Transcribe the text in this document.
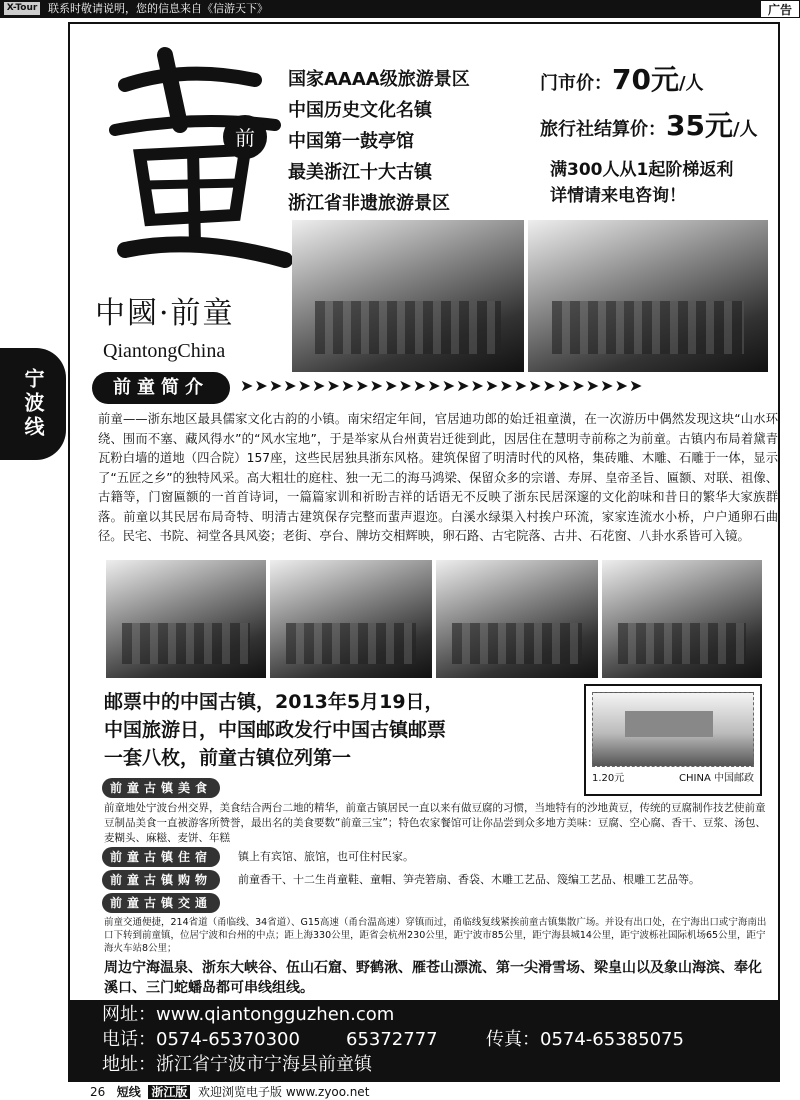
X-Tour 联系时敬请说明，您的信息来自《信游天下》	广告
宁波线
前
中國·前童
QiantongChina
国家AAAA级旅游景区
中国历史文化名镇
中国第一鼓亭馆
最美浙江十大古镇
浙江省非遗旅游景区
门市价：70元/人
旅行社结算价：35元/人
满300人从1起阶梯返利
详情请来电咨询！
前童简介	➤➤➤➤➤➤➤➤➤➤➤➤➤➤➤➤➤➤➤➤➤➤➤➤➤➤➤➤
前童——浙东地区最具儒家文化古韵的小镇。南宋绍定年间，官居迪功郎的始迁祖童潢，在一次游历中偶然发现这块“山水环绕、围而不塞、藏风得水”的“风水宝地”，于是举家从台州黄岩迁徙到此，因居住在慧明寺前称之为前童。古镇内布局着黛青瓦粉白墙的道地（四合院）157座，这些民居独具浙东风格。建筑保留了明清时代的风格，集砖雕、木雕、石雕于一体，显示了“五匠之乡”的独特风采。高大粗壮的庭柱、独一无二的海马鸿梁、保留众多的宗谱、寿屏、皇帝圣旨、匾额、对联、祖像、古籍等，门窗匾额的一首首诗词，一篇篇家训和祈盼吉祥的话语无不反映了浙东民居深邃的文化韵味和昔日的繁华大家族群落。前童以其民居布局奇特、明清古建筑保存完整而蜚声遐迩。白溪水绿渠入村挨户环流，家家连流水小桥，户户通卵石曲径。民宅、书院、祠堂各具风姿；老街、亭台、牌坊交相辉映，卵石路、古宅院落、古井、石花窗、八卦水系皆可入镜。
邮票中的中国古镇，2013年5月19日，
中国旅游日，中国邮政发行中国古镇邮票
一套八枚，前童古镇位列第一
1.20元	CHINA 中国邮政
前童古镇美食
前童地处宁波台州交界，美食结合两台二地的精华，前童古镇居民一直以来有做豆腐的习惯，当地特有的沙地黄豆，传统的豆腐制作技艺使前童豆制品美食一直被游客所赞誉，最出名的美食要数“前童三宝”；特色农家餐馆可让你品尝到众多地方美味：豆腐、空心腐、香干、豆浆、汤包、麦糊头、麻糍、麦饼、年糕
前童古镇住宿	镇上有宾馆、旅馆，也可住村民家。
前童古镇购物	前童香干、十二生肖童鞋、童帽、笋壳箬扇、香袋、木雕工艺品、篾编工艺品、根雕工艺品等。
前童古镇交通
前童交通便捷，214省道（甬临线、34省道）、G15高速（甬台温高速）穿镇而过，甬临线复线紧挨前童古镇集散广场。并设有出口处，在宁海出口或宁海南出口下转到前童镇，位居宁波和台州的中点；距上海330公里，距省会杭州230公里，距宁波市85公里，距宁海县城14公里，距宁波栎社国际机场65公里，距宁海火车站8公里；
周边宁海温泉、浙东大峡谷、伍山石窟、野鹤湫、雁苍山漂流、第一尖滑雪场、梁皇山以及象山海滨、奉化溪口、三门蛇蟠岛都可串线组线。
网址：www.qiantongguzhen.com
电话：0574-65370300	65372777	传真：0574-65385075
地址：浙江省宁波市宁海县前童镇
26 短线 浙江版 欢迎浏览电子版 www.zyoo.net
